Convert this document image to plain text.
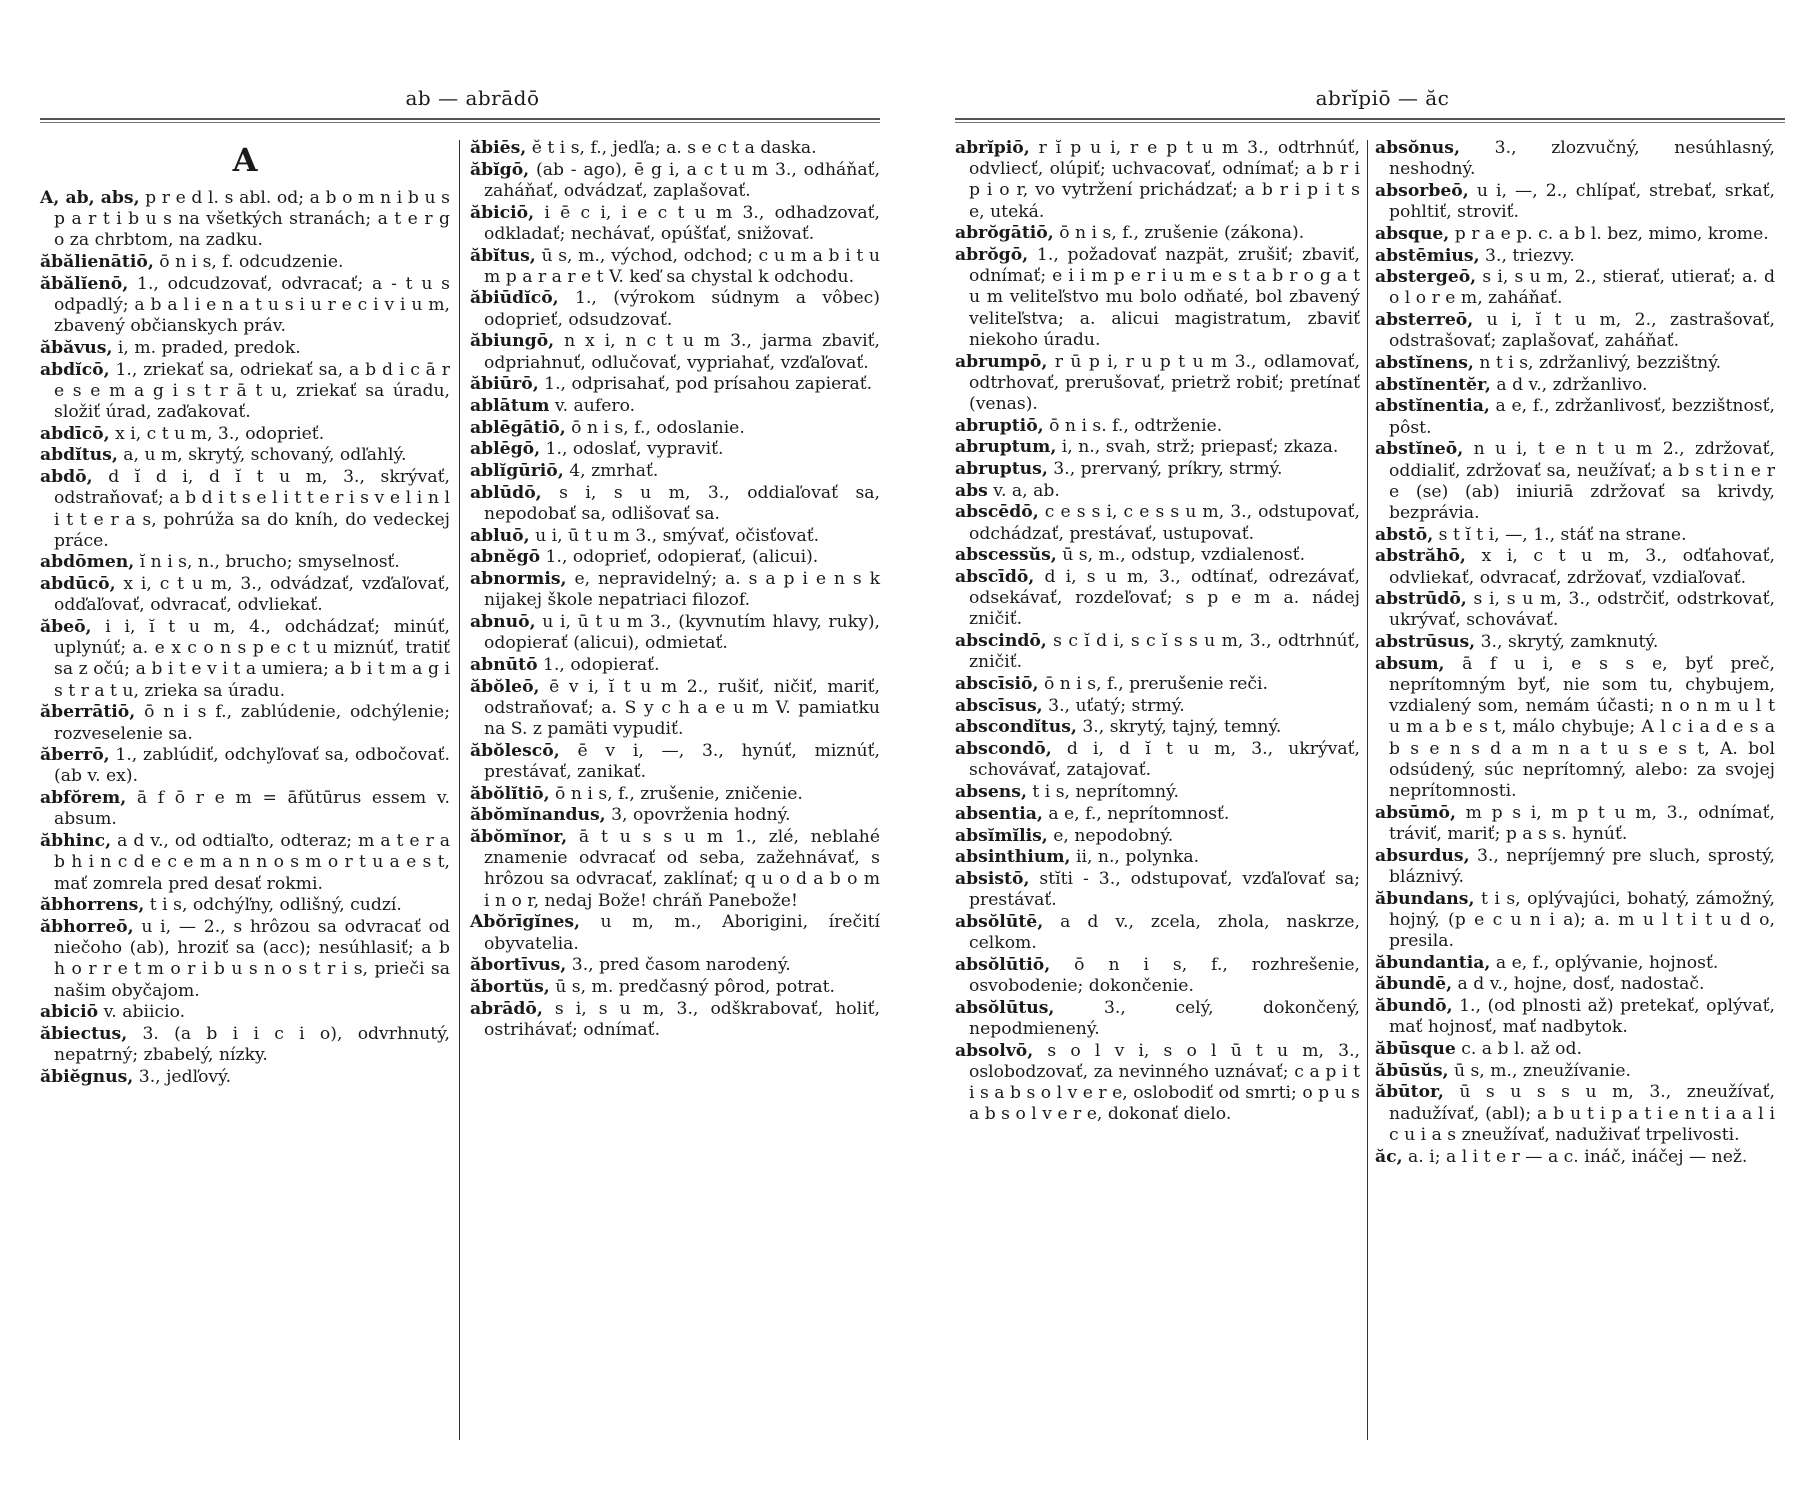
ab — abrādō
A
A, ab, abs, p r e d l. s abl. od; a b o m n i b u s p a r t i b u s na všetkých stranách; a t e r g o za chrbtom, na zadku.
ăbălienātiō, ō n i s, f. odcudzenie.
ăbălĭenō, 1., odcudzovať, odvracať; a - t u s odpadlý; a b a l i e n a t u s i u r e c i v i u m, zbavený občianskych práv.
ăbăvus, i, m. praded, predok.
abdĭcō, 1., zriekať sa, odriekať sa, a b d i c ā r e s e m a g i s t r ā t u, zriekať sa úradu, složiť úrad, zaďakovať.
abdīcō, x i, c t u m, 3., odoprieť.
abdĭtus, a, u m, skrytý, schovaný, odľahlý.
abdō, d ĭ d i, d ĭ t u m, 3., skrývať, odstraňovať; a b d i t s e l i t t e r i s v e l i n l i t t e r a s, pohrúža sa do kníh, do vedeckej práce.
abdōmen, ĭ n i s, n., brucho; smyselnosť.
abdūcō, x i, c t u m, 3., odvádzať, vzďaľovať, odďaľovať, odvracať, odvliekať.
ăbeō, i i, ĭ t u m, 4., odchádzať; minúť, uplynúť; a. e x c o n s p e c t u miznúť, tratiť sa z očú; a b i t e v i t a umiera; a b i t m a g i s t r a t u, zrieka sa úradu.
ăberrātiō, ō n i s f., zablúdenie, odchýlenie; rozveselenie sa.
ăberrō, 1., zablúdiť, odchyľovať sa, odbočovať. (ab v. ex).
abfŏrem, ā f ō r e m = āfŭtūrus essem v. absum.
ăbhinc, a d v., od odtiaľto, odteraz; m a t e r a b h i n c d e c e m a n n o s m o r t u a e s t, mať zomrela pred desať rokmi.
ăbhorrens, t i s, odchýľny, odlišný, cudzí.
ăbhorreō, u i, — 2., s hrôzou sa odvracať od niečoho (ab), hroziť sa (acc); nesúhlasiť; a b h o r r e t m o r i b u s n o s t r i s, prieči sa našim obyčajom.
abiciō v. abiicio.
ăbiectus, 3. (a b i i c i o), odvrhnutý, nepatrný; zbabelý, nízky.
ăbiĕgnus, 3., jedľový.
ăbiēs, ĕ t i s, f., jedľa; a. s e c t a daska.
ăbĭgō, (ab - ago), ē g i, a c t u m 3., odháňať, zaháňať, odvádzať, zaplašovať.
ăbiciō, i ē c i, i e c t u m 3., odhadzovať, odkladať; nechávať, opúšťať, snižovať.
ăbĭtus, ū s, m., východ, odchod; c u m a b i t u m p a r a r e t V. keď sa chystal k odchodu.
ăbiūdĭcō, 1., (výrokom súdnym a vôbec) odoprieť, odsudzovať.
ăbiungō, n x i, n c t u m 3., jarma zbaviť, odpriahnuť, odlučovať, vypriahať, vzďaľovať.
ăbiūrō, 1., odprisahať, pod prísahou zapierať.
ablātum v. aufero.
ablēgātiō, ō n i s, f., odoslanie.
ablēgō, 1., odoslať, vypraviť.
ablĭgūriō, 4, zmrhať.
ablūdō, s i, s u m, 3., oddiaľovať sa, nepodobať sa, odlišovať sa.
abluō, u i, ū t u m 3., smývať, očisťovať.
abnĕgō 1., odoprieť, odopierať, (alicui).
abnormis, e, nepravidelný; a. s a p i e n s k nijakej škole nepatriaci filozof.
abnuō, u i, ū t u m 3., (kyvnutím hlavy, ruky), odopierať (alicui), odmietať.
abnūtō 1., odopierať.
ăbŏleō, ē v i, ĭ t u m 2., rušiť, ničiť, mariť, odstraňovať; a. S y c h a e u m V. pamiatku na S. z pamäti vypudiť.
ăbŏlescō, ē v i, —, 3., hynúť, miznúť, prestávať, zanikať.
ăbŏlĭtiō, ō n i s, f., zrušenie, zničenie.
ăbŏmĭnandus, 3, opovrženia hodný.
ăbŏmĭnor, ā t u s s u m 1., zlé, neblahé znamenie odvracať od seba, zažehnávať, s hrôzou sa odvracať, zaklínať; q u o d a b o m i n o r, nedaj Bože! chráň Panebože!
Abŏrīgĭnes, u m, m., Aborigini, írečití obyvatelia.
ăbortīvus, 3., pred časom narodený.
ăbortŭs, ū s, m. predčasný pôrod, potrat.
abrādō, s i, s u m, 3., odškrabovať, holiť, ostrihávať; odnímať.
abrĭpiō — ăc
abrĭpiō, r ĭ p u i, r e p t u m 3., odtrhnúť, odvliecť, olúpiť; uchvacovať, odnímať; a b r i p i o r, vo vytržení prichádzať; a b r i p i t s e, uteká.
abrŏgātiō, ō n i s, f., zrušenie (zákona).
abrŏgō, 1., požadovať nazpät, zrušiť; zbaviť, odnímať; e i i m p e r i u m e s t a b r o g a t u m veliteľstvo mu bolo odňaté, bol zbavený veliteľstva; a. alicui magistratum, zbaviť niekoho úradu.
abrumpō, r ū p i, r u p t u m 3., odlamovať, odtrhovať, prerušovať, prietrž robiť; pretínať (venas).
abruptiō, ō n i s. f., odtrženie.
abruptum, i, n., svah, strž; priepasť; zkaza.
abruptus, 3., prervaný, príkry, strmý.
abs v. a, ab.
abscēdō, c e s s i, c e s s u m, 3., odstupovať, odchádzať, prestávať, ustupovať.
abscessŭs, ū s, m., odstup, vzdialenosť.
abscīdō, d i, s u m, 3., odtínať, odrezávať, odsekávať, rozdeľovať; s p e m a. nádej zničiť.
abscindō, s c ĭ d i, s c ĭ s s u m, 3., odtrhnúť, zničiť.
abscīsiō, ō n i s, f., prerušenie reči.
abscīsus, 3., uťatý; strmý.
abscondĭtus, 3., skrytý, tajný, temný.
abscondō, d i, d ĭ t u m, 3., ukrývať, schovávať, zatajovať.
absens, t i s, neprítomný.
absentia, a e, f., neprítomnosť.
absĭmĭlis, e, nepodobný.
absinthium, ii, n., polynka.
absistō, stĭti - 3., odstupovať, vzďaľovať sa; prestávať.
absŏlūtē, a d v., zcela, zhola, naskrze, celkom.
absŏlūtiō, ō n i s, f., rozhrešenie, osvobodenie; dokončenie.
absŏlūtus, 3., celý, dokončený, nepodmienený.
absolvō, s o l v i, s o l ū t u m, 3., oslobodzovať, za nevinného uznávať; c a p i t i s a b s o l v e r e, oslobodiť od smrti; o p u s a b s o l v e r e, dokonať dielo.
absŏnus, 3., zlozvučný, nesúhlasný, neshodný.
absorbeō, u i, —, 2., chlípať, strebať, srkať, pohltiť, stroviť.
absque, p r a e p. c. a b l. bez, mimo, krome.
abstēmius, 3., triezvy.
abstergeō, s i, s u m, 2., stierať, utierať; a. d o l o r e m, zaháňať.
absterreō, u i, ĭ t u m, 2., zastrašovať, odstrašovať; zaplašovať, zaháňať.
abstĭnens, n t i s, zdržanlivý, bezzištný.
abstĭnentĕr, a d v., zdržanlivo.
abstĭnentia, a e, f., zdržanlivosť, bezzištnosť, pôst.
abstĭneō, n u i, t e n t u m 2., zdržovať, oddialiť, zdržovať sa, neužívať; a b s t i n e r e (se) (ab) iniuriā zdržovať sa krivdy, bezprávia.
abstō, s t ĭ t i, —, 1., stáť na strane.
abstrăhō, x i, c t u m, 3., odťahovať, odvliekať, odvracať, zdržovať, vzdiaľovať.
abstrūdō, s i, s u m, 3., odstrčiť, odstrkovať, ukrývať, schovávať.
abstrūsus, 3., skrytý, zamknutý.
absum, ā f u i, e s s e, byť preč, neprítomným byť, nie som tu, chybujem, vzdialený som, nemám účasti; n o n m u l t u m a b e s t, málo chybuje; A l c i a d e s a b s e n s d a m n a t u s e s t, A. bol odsúdený, súc neprítomný, alebo: za svojej neprítomnosti.
absūmō, m p s i, m p t u m, 3., odnímať, tráviť, mariť; p a s s. hynúť.
absurdus, 3., nepríjemný pre sluch, sprostý, bláznivý.
ăbundans, t i s, oplývajúci, bohatý, zámožný, hojný, (p e c u n i a); a. m u l t i t u d o, presila.
ăbundantia, a e, f., oplývanie, hojnosť.
ăbundē, a d v., hojne, dosť, nadostač.
ăbundō, 1., (od plnosti až) pretekať, oplývať, mať hojnosť, mať nadbytok.
ăbūsque c. a b l. až od.
ăbūsŭs, ū s, m., zneužívanie.
ăbūtor, ū s u s s u m, 3., zneužívať, nadužívať, (abl); a b u t i p a t i e n t i a a l i c u i a s zneužívať, naduživať trpelivosti.
ăc, a. i; a l i t e r — a c. ináč, ináčej — než.
